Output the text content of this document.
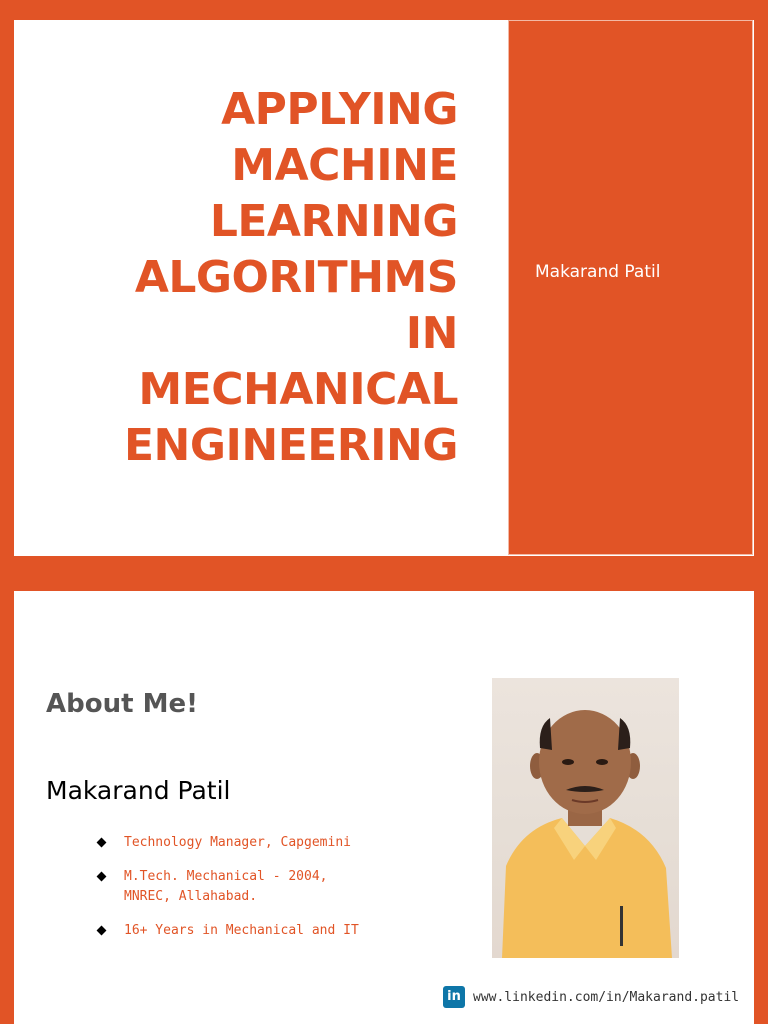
APPLYING
MACHINE
LEARNING
ALGORITHMS
IN
MECHANICAL
ENGINEERING
Makarand Patil
About Me!
Makarand Patil
Technology Manager, Capgemini
M.Tech. Mechanical - 2004,
MNREC, Allahabad.
16+ Years in Mechanical and IT
in www.linkedin.com/in/Makarand.patil
